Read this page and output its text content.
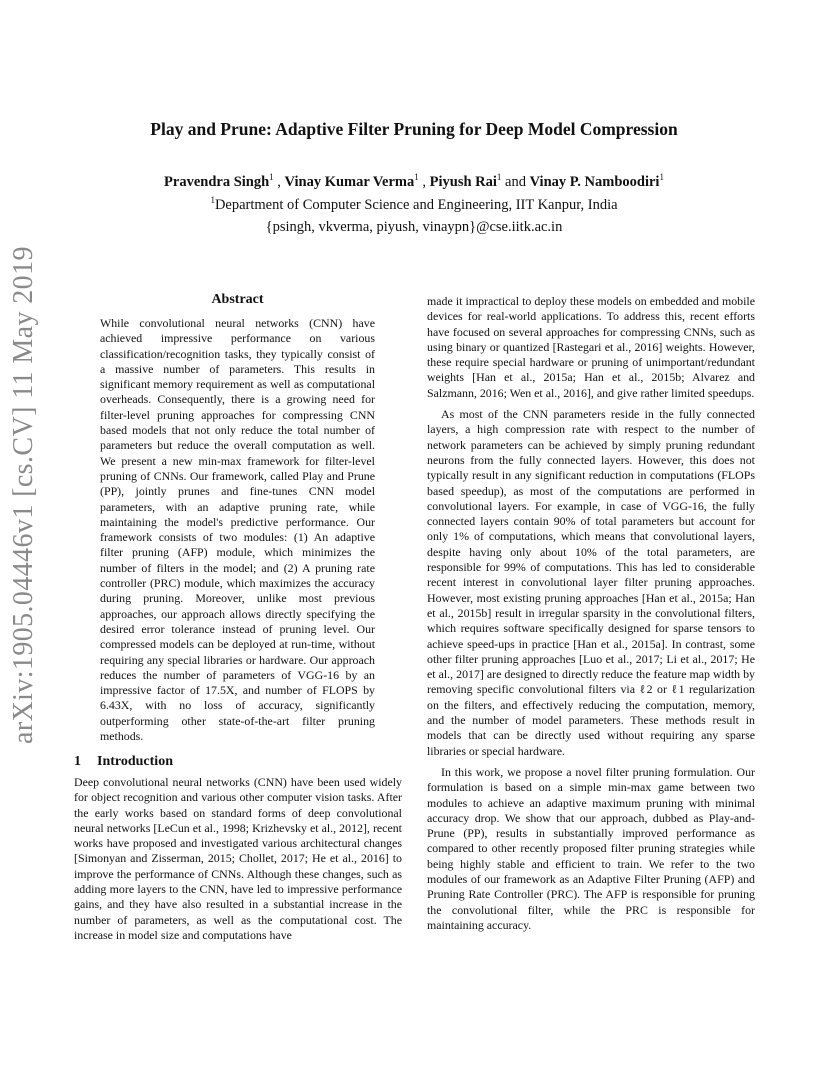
arXiv:1905.04446v1 [cs.CV] 11 May 2019
Play and Prune: Adaptive Filter Pruning for Deep Model Compression
Pravendra Singh$^1$ , Vinay Kumar Verma$^1$ , Piyush Rai$^1$ and Vinay P. Namboodiri$^1$
$^1$Department of Computer Science and Engineering, IIT Kanpur, India
{psingh, vkverma, piyush, vinaypn}@cse.iitk.ac.in
Abstract

While convolutional neural networks (CNN) have achieved impressive performance on various classification/recognition tasks, they typically consist of a massive number of parameters. This results in significant memory requirement as well as computational overheads. Consequently, there is a growing need for filter-level pruning approaches for compressing CNN based models that not only reduce the total number of parameters but reduce the overall computation as well. We present a new min-max framework for filter-level pruning of CNNs. Our framework, called Play and Prune (PP), jointly prunes and fine-tunes CNN model parameters, with an adaptive pruning rate, while maintaining the model's predictive performance. Our framework consists of two modules: (1) An adaptive filter pruning (AFP) module, which minimizes the number of filters in the model; and (2) A pruning rate controller (PRC) module, which maximizes the accuracy during pruning. Moreover, unlike most previous approaches, our approach allows directly specifying the desired error tolerance instead of pruning level. Our compressed models can be deployed at run-time, without requiring any special libraries or hardware. Our approach reduces the number of parameters of VGG-16 by an impressive factor of 17.5X, and number of FLOPS by 6.43X, with no loss of accuracy, significantly outperforming other state-of-the-art filter pruning methods.

1 Introduction

Deep convolutional neural networks (CNN) have been used widely for object recognition and various other computer vision tasks. After the early works based on standard forms of deep convolutional neural networks [LeCun et al., 1998; Krizhevsky et al., 2012], recent works have proposed and investigated various architectural changes [Simonyan and Zisserman, 2015; Chollet, 2017; He et al., 2016] to improve the performance of CNNs. Although these changes, such as adding more layers to the CNN, have led to impressive performance gains, and they have also resulted in a substantial increase in the number of parameters, as well as the computational cost. The increase in model size and computations have

made it impractical to deploy these models on embedded and mobile devices for real-world applications. To address this, recent efforts have focused on several approaches for compressing CNNs, such as using binary or quantized [Rastegari et al., 2016] weights. However, these require special hardware or pruning of unimportant/redundant weights [Han et al., 2015a; Han et al., 2015b; Alvarez and Salzmann, 2016; Wen et al., 2016], and give rather limited speedups.

As most of the CNN parameters reside in the fully connected layers, a high compression rate with respect to the number of network parameters can be achieved by simply pruning redundant neurons from the fully connected layers. However, this does not typically result in any significant reduction in computations (FLOPs based speedup), as most of the computations are performed in convolutional layers. For example, in case of VGG-16, the fully connected layers contain 90% of total parameters but account for only 1% of computations, which means that convolutional layers, despite having only about 10% of the total parameters, are responsible for 99% of computations. This has led to considerable recent interest in convolutional layer filter pruning approaches. However, most existing pruning approaches [Han et al., 2015a; Han et al., 2015b] result in irregular sparsity in the convolutional filters, which requires software specifically designed for sparse tensors to achieve speed-ups in practice [Han et al., 2015a]. In contrast, some other filter pruning approaches [Luo et al., 2017; Li et al., 2017; He et al., 2017] are designed to directly reduce the feature map width by removing specific convolutional filters via ℓ2 or ℓ1 regularization on the filters, and effectively reducing the computation, memory, and the number of model parameters. These methods result in models that can be directly used without requiring any sparse libraries or special hardware.

In this work, we propose a novel filter pruning formulation. Our formulation is based on a simple min-max game between two modules to achieve an adaptive maximum pruning with minimal accuracy drop. We show that our approach, dubbed as Play-and-Prune (PP), results in substantially improved performance as compared to other recently proposed filter pruning strategies while being highly stable and efficient to train. We refer to the two modules of our framework as an Adaptive Filter Pruning (AFP) and Pruning Rate Controller (PRC). The AFP is responsible for pruning the convolutional filter, while the PRC is responsible for maintaining accuracy.
